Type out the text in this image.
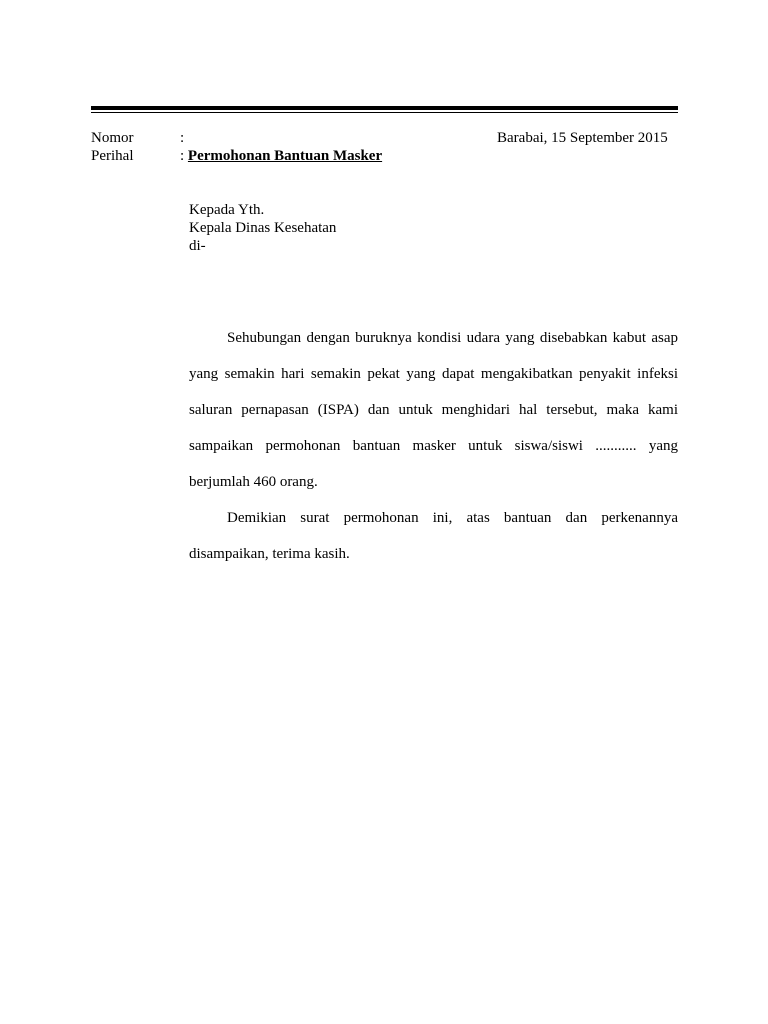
Nomor	:	Barabai, 15 September 2015
Perihal	: Permohonan Bantuan Masker
Kepada Yth.
Kepala Dinas Kesehatan
di-

Sehubungan dengan buruknya kondisi udara yang disebabkan kabut asap yang semakin hari semakin pekat yang dapat mengakibatkan penyakit infeksi saluran pernapasan (ISPA) dan untuk menghidari hal tersebut, maka kami sampaikan permohonan bantuan masker untuk siswa/siswi ........... yang berjumlah 460 orang.

Demikian surat permohonan ini, atas bantuan dan perkenannya disampaikan, terima kasih.
